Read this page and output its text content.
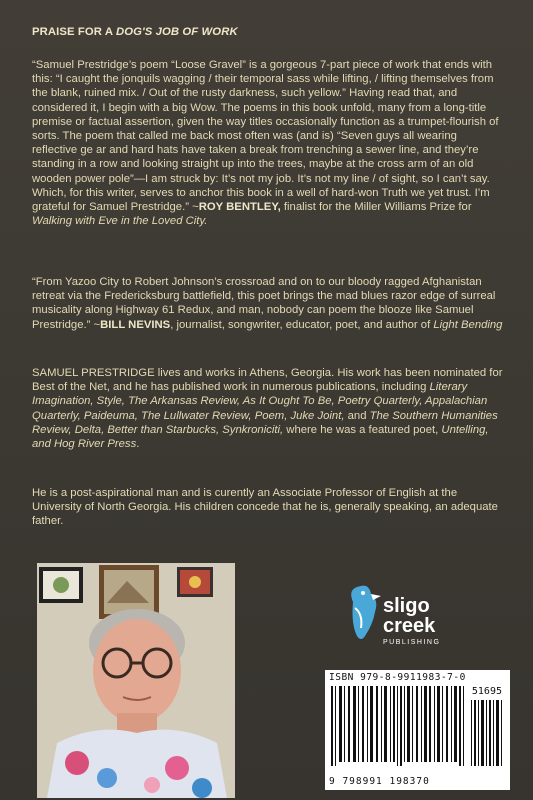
PRAISE FOR A DOG'S JOB OF WORK
“Samuel Prestridge’s poem “Loose Gravel” is a gorgeous 7-part piece of work that ends with this: “I caught the jonquils wagging / their temporal sass while lifting, / lifting themselves from the blank, ruined mix. / Out of the rusty darkness, such yellow.” Having read that, and considered it, I begin with a big Wow. The poems in this book unfold, many from a long-title premise or factual assertion, given the way titles occasionally function as a trumpet-flourish of sorts. The poem that called me back most often was (and is) “Seven guys all wearing reflective ge ar and hard hats have taken a break from trenching a sewer line, and they’re standing in a row and looking straight up into the trees, maybe at the cross arm of an old wooden power pole”—I am struck by: It’s not my job. It’s not my line / of sight, so I can’t say. Which, for this writer, serves to anchor this book in a well of hard-won Truth we yet trust. I’m grateful for Samuel Prestridge.” ~ROY BENTLEY, finalist for the Miller Williams Prize for Walking with Eve in the Loved City.
“From Yazoo City to Robert Johnson’s crossroad and on to our bloody ragged Afghanistan retreat via the Fredericksburg battlefield, this poet brings the mad blues razor edge of surreal musicality along Highway 61 Redux, and man, nobody can poem the blooze like Samuel Prestridge.” ~BILL NEVINS, journalist, songwriter, educator, poet, and author of Light Bending
SAMUEL PRESTRIDGE lives and works in Athens, Georgia. His work has been nominated for Best of the Net, and he has published work in numerous publications, including Literary Imagination, Style, The Arkansas Review, As It Ought To Be, Poetry Quarterly, Appalachian Quarterly, Paideuma, The Lullwater Review, Poem, Juke Joint, and The Southern Humanities Review, Delta, Better than Starbucks, Synkroniciti, where he was a featured poet, Untelling, and Hog River Press.
He is a post-aspirational man and is curently an Associate Professor of English at the University of North Georgia. His children concede that he is, generally speaking, an adequate father.
sligo
creek
PUBLISHING
ISBN 979-8-9911983-7-0
51695
9 798991 198370
